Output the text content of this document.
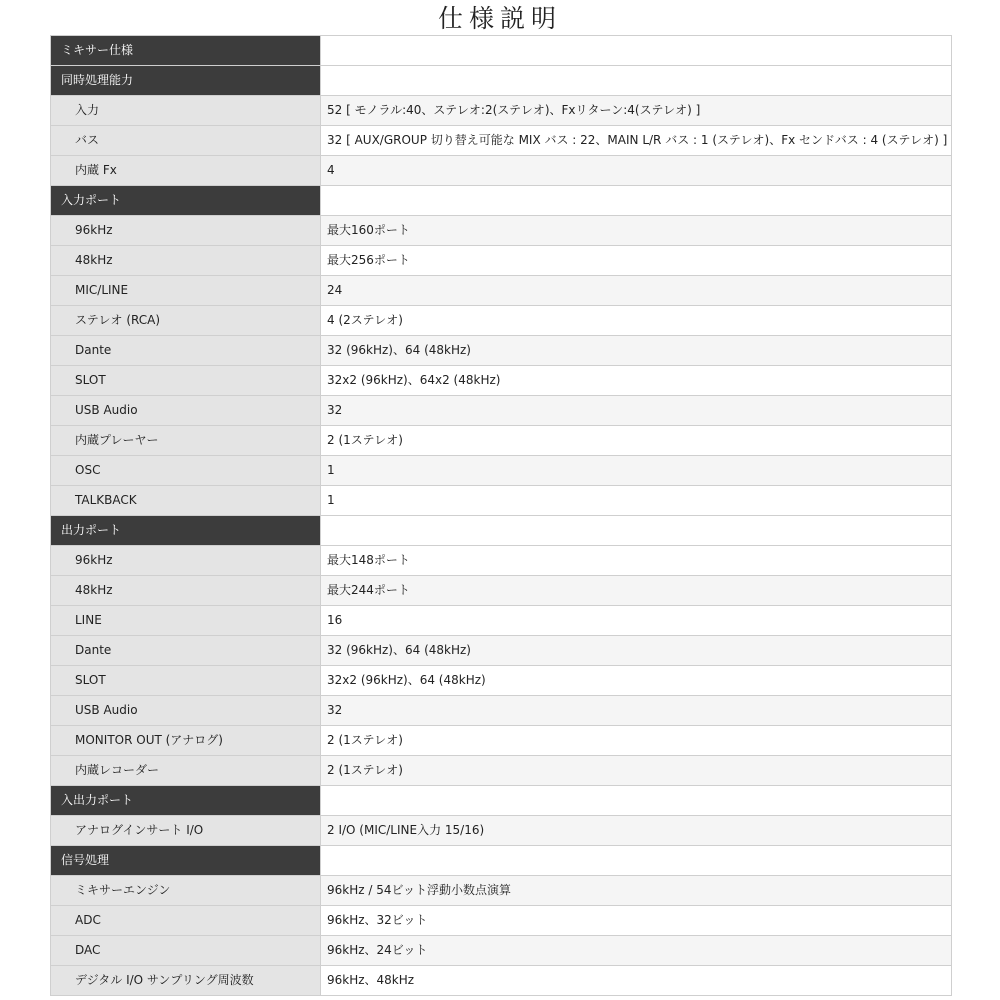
仕様説明
ミキサー仕様
同時処理能力
入力	52 [ モノラル:40、ステレオ:2(ステレオ)、Fxリターン:4(ステレオ) ]
バス	32 [ AUX/GROUP 切り替え可能な MIX バス : 22、MAIN L/R バス : 1 (ステレオ)、Fx センドバス : 4 (ステレオ) ]
内蔵 Fx	4
入力ポート
96kHz	最大160ポート
48kHz	最大256ポート
MIC/LINE	24
ステレオ (RCA)	4 (2ステレオ)
Dante	32 (96kHz)、64 (48kHz)
SLOT	32x2 (96kHz)、64x2 (48kHz)
USB Audio	32
内蔵プレーヤー	2 (1ステレオ)
OSC	1
TALKBACK	1
出力ポート
96kHz	最大148ポート
48kHz	最大244ポート
LINE	16
Dante	32 (96kHz)、64 (48kHz)
SLOT	32x2 (96kHz)、64 (48kHz)
USB Audio	32
MONITOR OUT (アナログ)	2 (1ステレオ)
内蔵レコーダー	2 (1ステレオ)
入出力ポート
アナログインサート I/O	2 I/O (MIC/LINE入力 15/16)
信号処理
ミキサーエンジン	96kHz / 54ビット浮動小数点演算
ADC	96kHz、32ビット
DAC	96kHz、24ビット
デジタル I/O サンプリング周波数	96kHz、48kHz
